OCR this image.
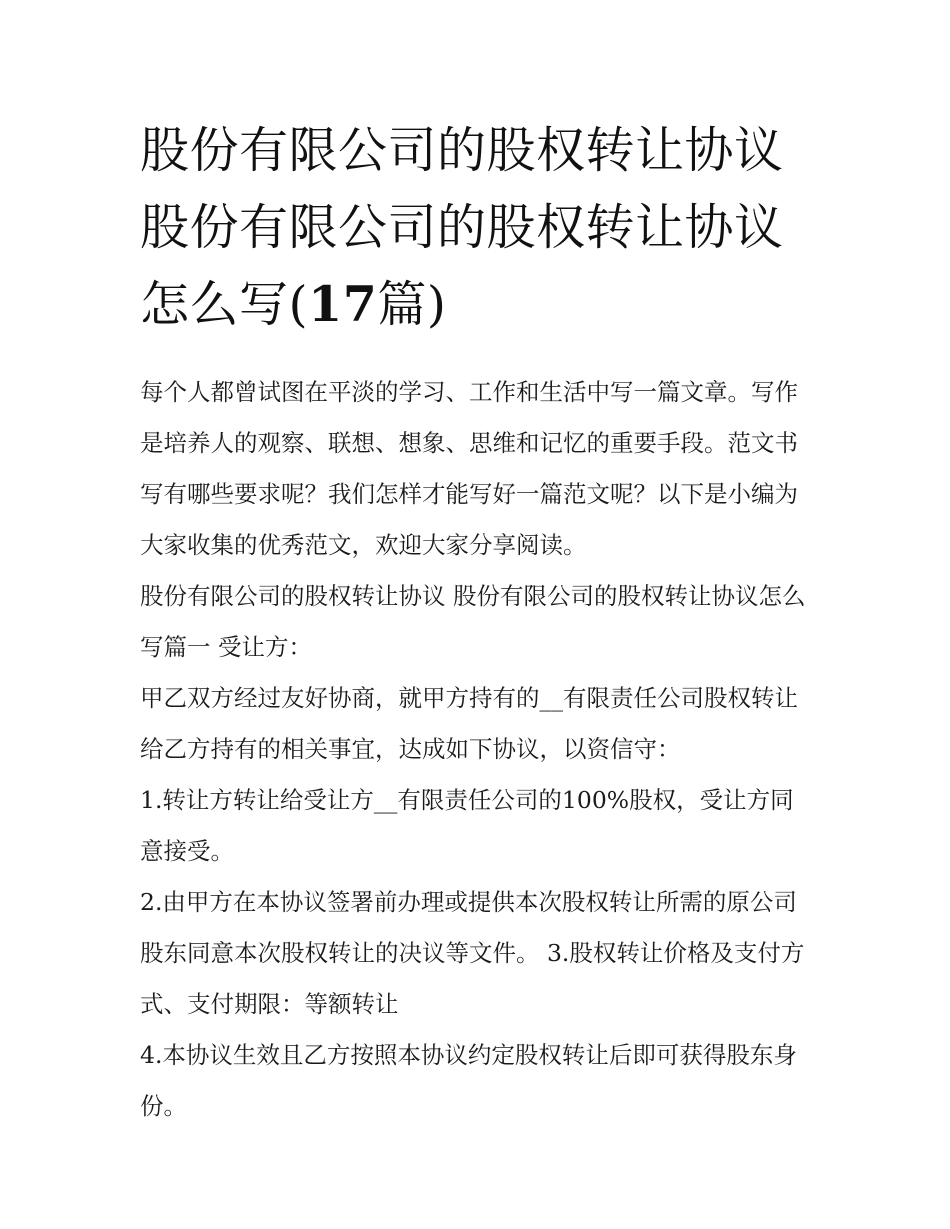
股份有限公司的股权转让协议 股份有限公司的股权转让协议怎么写(17篇)

每个人都曾试图在平淡的学习、工作和生活中写一篇文章。写作是培养人的观察、联想、想象、思维和记忆的重要手段。范文书写有哪些要求呢？我们怎样才能写好一篇范文呢？以下是小编为大家收集的优秀范文，欢迎大家分享阅读。

股份有限公司的股权转让协议 股份有限公司的股权转让协议怎么写篇一 受让方：

甲乙双方经过友好协商，就甲方持有的__有限责任公司股权转让给乙方持有的相关事宜，达成如下协议，以资信守：

1.转让方转让给受让方__有限责任公司的100%股权，受让方同意接受。

2.由甲方在本协议签署前办理或提供本次股权转让所需的原公司股东同意本次股权转让的决议等文件。 3.股权转让价格及支付方式、支付期限：等额转让

4.本协议生效且乙方按照本协议约定股权转让后即可获得股东身份。
